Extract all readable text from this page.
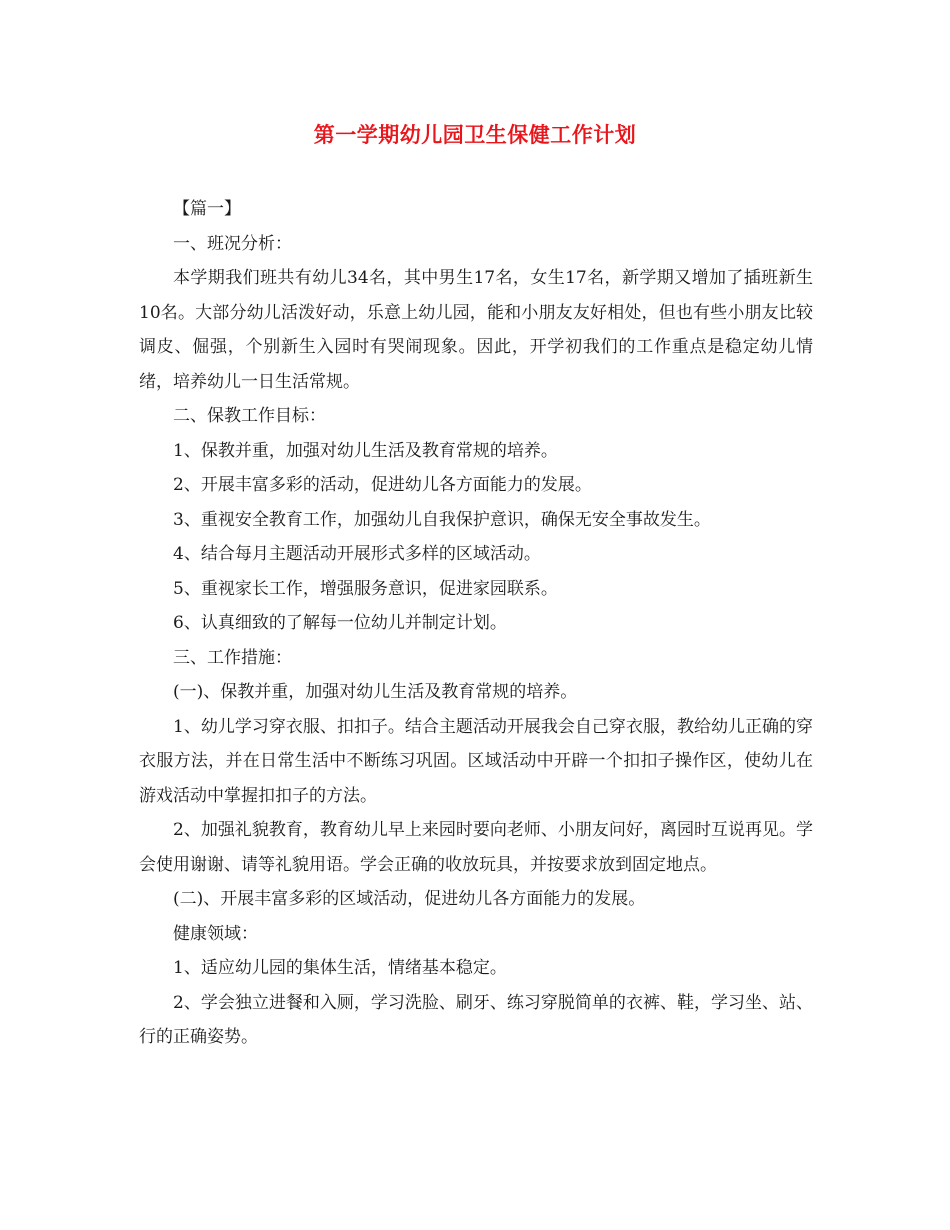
第一学期幼儿园卫生保健工作计划

【篇一】

一、班况分析：

本学期我们班共有幼儿34名，其中男生17名，女生17名，新学期又增加了插班新生10名。大部分幼儿活泼好动，乐意上幼儿园，能和小朋友友好相处，但也有些小朋友比较调皮、倔强，个别新生入园时有哭闹现象。因此，开学初我们的工作重点是稳定幼儿情绪，培养幼儿一日生活常规。

二、保教工作目标：

1、保教并重，加强对幼儿生活及教育常规的培养。

2、开展丰富多彩的活动，促进幼儿各方面能力的发展。

3、重视安全教育工作，加强幼儿自我保护意识，确保无安全事故发生。

4、结合每月主题活动开展形式多样的区域活动。

5、重视家长工作，增强服务意识，促进家园联系。

6、认真细致的了解每一位幼儿并制定计划。

三、工作措施：

(一)、保教并重，加强对幼儿生活及教育常规的培养。

1、幼儿学习穿衣服、扣扣子。结合主题活动开展我会自己穿衣服，教给幼儿正确的穿衣服方法，并在日常生活中不断练习巩固。区域活动中开辟一个扣扣子操作区，使幼儿在游戏活动中掌握扣扣子的方法。

2、加强礼貌教育，教育幼儿早上来园时要向老师、小朋友问好，离园时互说再见。学会使用谢谢、请等礼貌用语。学会正确的收放玩具，并按要求放到固定地点。

(二)、开展丰富多彩的区域活动，促进幼儿各方面能力的发展。

健康领域：

1、适应幼儿园的集体生活，情绪基本稳定。

2、学会独立进餐和入厕，学习洗脸、刷牙、练习穿脱简单的衣裤、鞋，学习坐、站、行的正确姿势。
